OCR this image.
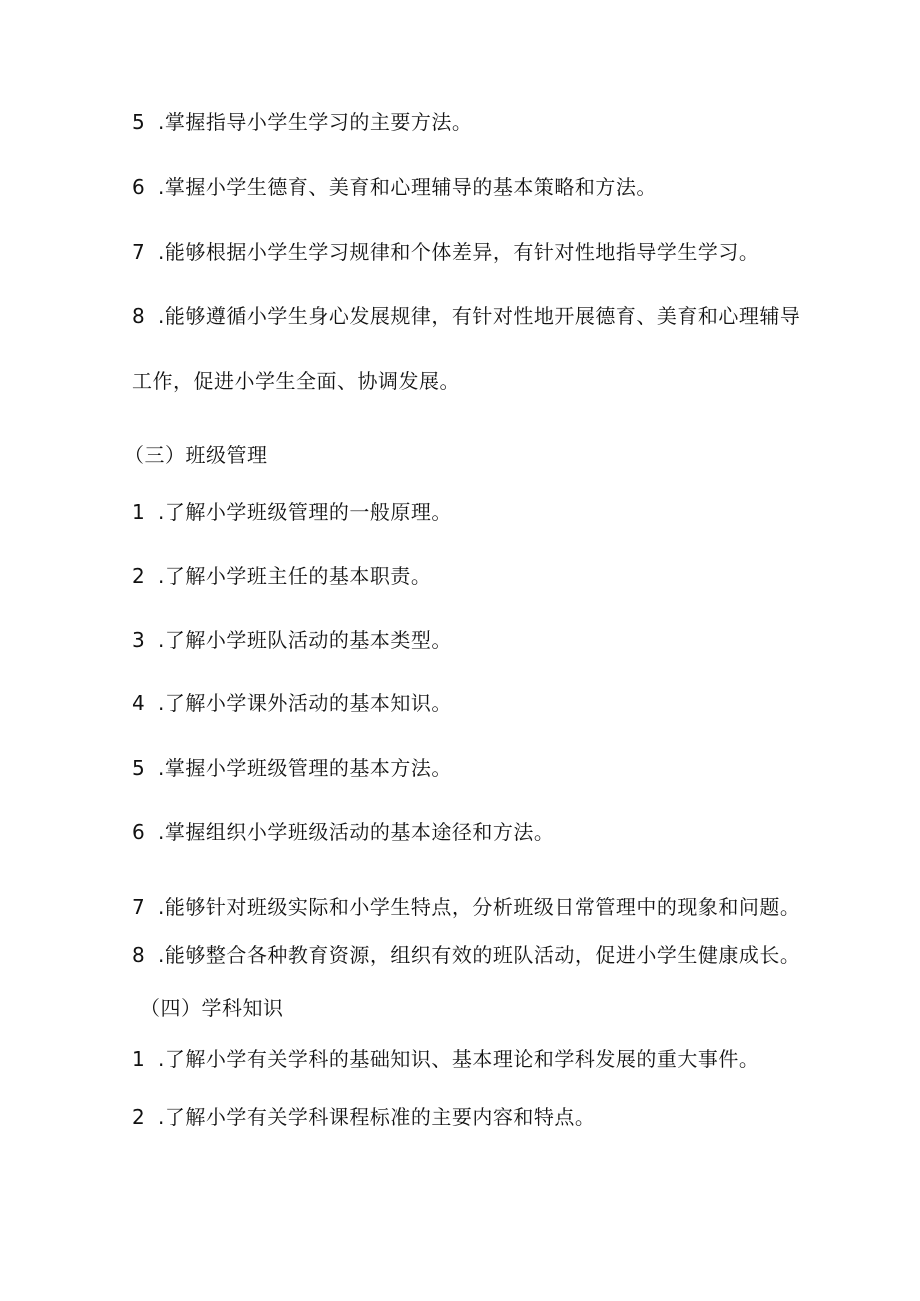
5 .掌握指导小学生学习的主要方法。
6 .掌握小学生德育、美育和心理辅导的基本策略和方法。
7 .能够根据小学生学习规律和个体差异，有针对性地指导学生学习。
8 .能够遵循小学生身心发展规律，有针对性地开展德育、美育和心理辅导
工作，促进小学生全面、协调发展。
（三）班级管理
1 .了解小学班级管理的一般原理。
2 .了解小学班主任的基本职责。
3 .了解小学班队活动的基本类型。
4 .了解小学课外活动的基本知识。
5 .掌握小学班级管理的基本方法。
6 .掌握组织小学班级活动的基本途径和方法。
7 .能够针对班级实际和小学生特点，分析班级日常管理中的现象和问题。
8 .能够整合各种教育资源，组织有效的班队活动，促进小学生健康成长。
（四）学科知识
1 .了解小学有关学科的基础知识、基本理论和学科发展的重大事件。
2 .了解小学有关学科课程标准的主要内容和特点。
